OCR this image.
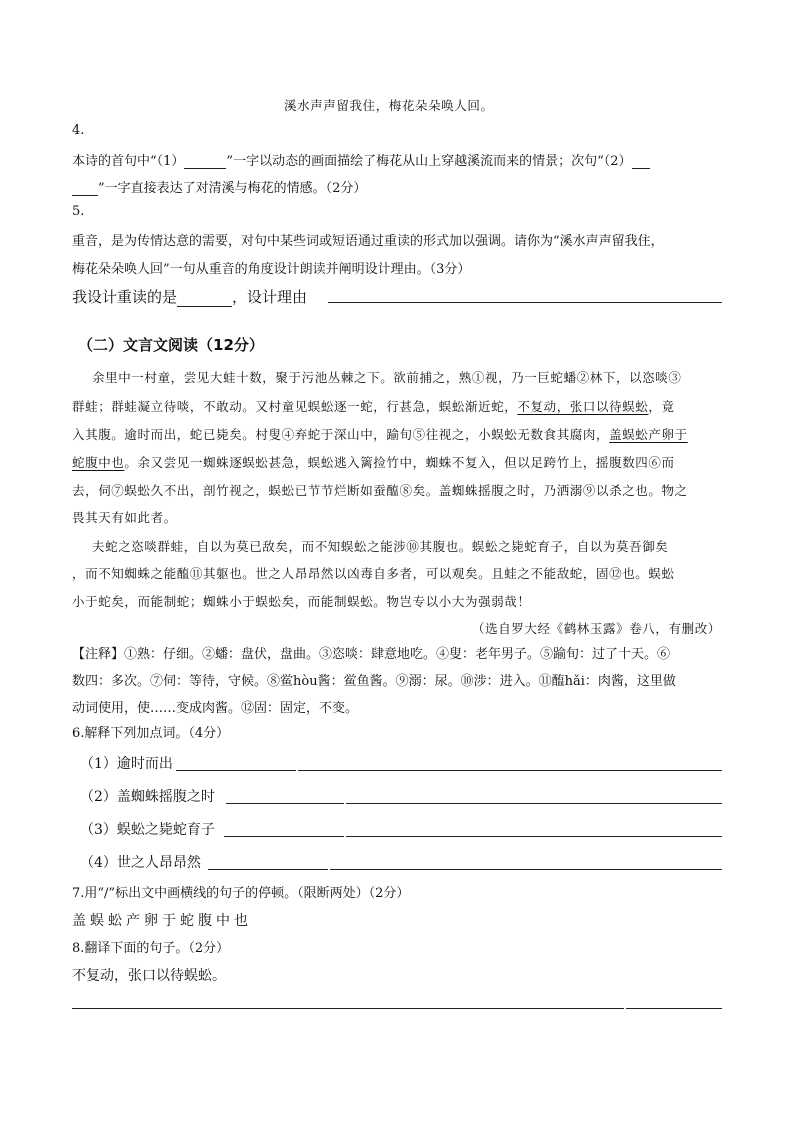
溪水声声留我住，梅花朵朵唤人回。
4.
本诗的首句中“（1）	”一字以动态的画面描绘了梅花从山上穿越溪流而来的情景；次句“（2）
”一字直接表达了对清溪与梅花的情感。（2分）
5.
重音，是为传情达意的需要，对句中某些词或短语通过重读的形式加以强调。请你为“溪水声声留我住，
梅花朵朵唤人回”一句从重音的角度设计朗读并阐明设计理由。（3分）
我设计重读的是	，设计理由
（二）文言文阅读（12分）
余里中一村童，尝见大蛙十数，聚于污池丛棘之下。欲前捕之，熟①视，乃一巨蛇蟠②林下，以恣啖③
群蛙；群蛙凝立待啖，不敢动。又村童见蜈蚣逐一蛇，行甚急，蜈蚣渐近蛇，不复动，张口以待蜈蚣，竟
入其腹。逾时而出，蛇已毙矣。村叟④弃蛇于深山中，踰旬⑤往视之，小蜈蚣无数食其腐肉，盖蜈蚣产卵于
蛇腹中也。余又尝见一蜘蛛逐蜈蚣甚急，蜈蚣逃入篱捡竹中，蜘蛛不复入，但以足跨竹上，摇腹数四⑥而
去，伺⑦蜈蚣久不出，剖竹视之，蜈蚣已节节烂断如蚕醢⑧矣。盖蜘蛛摇腹之时，乃洒溺⑨以杀之也。物之
畏其天有如此者。
夫蛇之恣啖群蛙，自以为莫已敌矣，而不知蜈蚣之能涉⑩其腹也。蜈蚣之毙蛇育子，自以为莫吾御矣
，而不知蜘蛛之能醢⑪其躯也。世之人昂昂然以凶毒自多者，可以观矣。且蛙之不能敌蛇，固⑫也。蜈蚣
小于蛇矣，而能制蛇；蜘蛛小于蜈蚣矣，而能制蜈蚣。物岂专以小大为强弱哉！
（选自罗大经《鹤林玉露》卷八，有删改）
【注释】①熟：仔细。②蟠：盘伏，盘曲。③恣啖：肆意地吃。④叟：老年男子。⑤踰旬：过了十天。⑥
数四：多次。⑦伺：等待，守候。⑧鲎hòu酱：鲎鱼酱。⑨溺：尿。⑩涉：进入。⑪醢hǎi：肉酱，这里做
动词使用，使……变成肉酱。⑫固：固定，不变。
6.解释下列加点词。（4分）
（1）逾时而出
（2）盖蜘蛛摇腹之时
（3）蜈蚣之毙蛇育子
（4）世之人昂昂然
7.用“/”标出文中画横线的句子的停顿。（限断两处）（2分）
盖蜈蚣产卵于蛇腹中也
8.翻译下面的句子。（2分）
不复动，张口以待蜈蚣。
